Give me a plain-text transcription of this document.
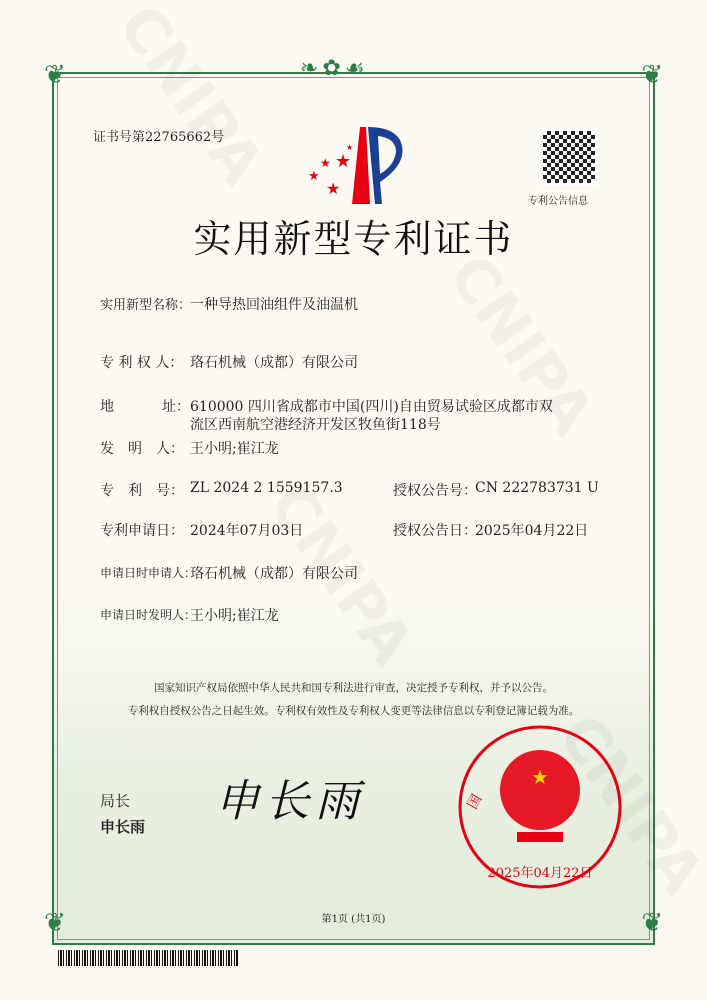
❦	❦
❦	❦
❧✿☙
证书号第22765662号
★
★
★
★
★
专利公告信息
实用新型专利证书
实用新型名称：
一种导热回油组件及油温机
专 利 权 人： 珞石机械（成都）有限公司
地	址： 610000 四川省成都市中国(四川)自由贸易试验区成都市双
流区西南航空港经济开发区牧鱼街118号
发　明　人： 王小明;崔江龙
专　利　号： ZL 2024 2 1559157.3	授权公告号：
CN 222783731 U
专利申请日： 2024年07月03日	授权公告日：
2025年04月22日
申请日时申请人：
珞石机械（成都）有限公司
申请日时发明人：
王小明;崔江龙
国家知识产权局依照中华人民共和国专利法进行审查，决定授予专利权，并予以公告。
专利权自授权公告之日起生效。专利权有效性及专利权人变更等法律信息以专利登记簿记载为准。
局长
申长雨 申长雨	★
国
2025年04月22日
第1页 (共1页)
